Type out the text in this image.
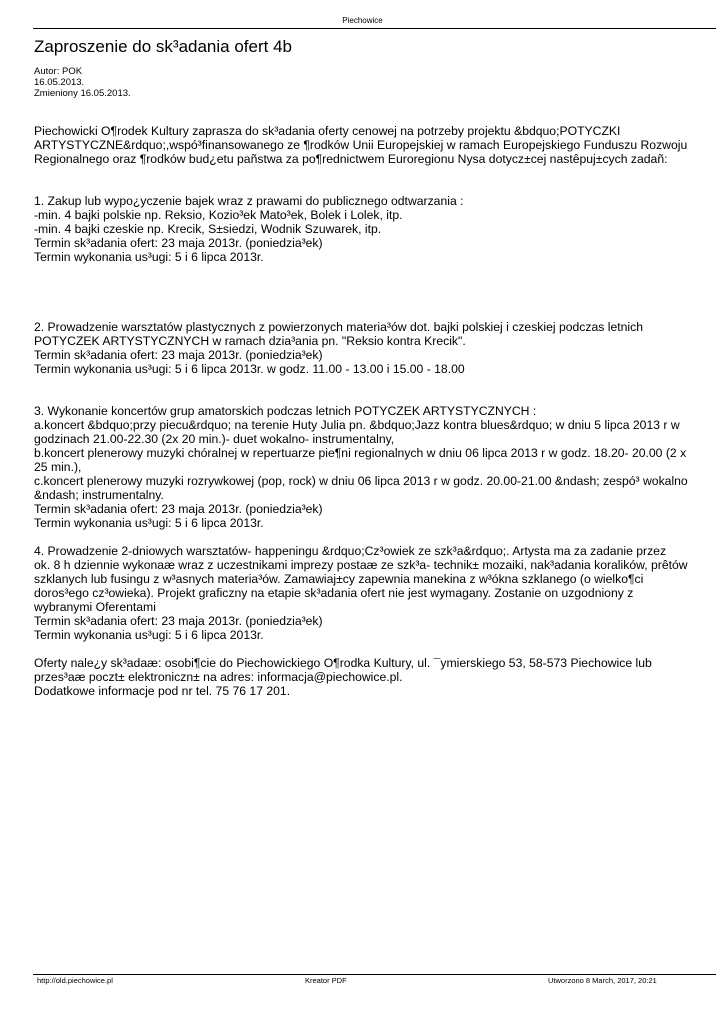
Piechowice
Zaproszenie do sk³adania ofert 4b
Autor: POK
16.05.2013.
Zmieniony 16.05.2013.
Piechowicki O¶rodek Kultury zaprasza do sk³adania oferty cenowej na potrzeby projektu &bdquo;POTYCZKI
ARTYSTYCZNE&rdquo;,wspó³finansowanego ze ¶rodków Unii Europejskiej w ramach Europejskiego Funduszu Rozwoju
Regionalnego oraz ¶rodków bud¿etu pañstwa za po¶rednictwem Euroregionu Nysa dotycz±cej nastêpuj±cych zadañ:
1. Zakup lub wypo¿yczenie bajek wraz z prawami do publicznego odtwarzania :
-min. 4 bajki polskie np. Reksio, Kozio³ek Mato³ek, Bolek i Lolek, itp.
-min. 4 bajki czeskie np. Krecik, S±siedzi, Wodnik Szuwarek, itp.
Termin sk³adania ofert: 23 maja 2013r. (poniedzia³ek)
Termin wykonania us³ugi: 5 i 6 lipca 2013r.
2. Prowadzenie warsztatów plastycznych z powierzonych materia³ów dot. bajki polskiej i czeskiej podczas letnich
POTYCZEK ARTYSTYCZNYCH w ramach dzia³ania pn. "Reksio kontra Krecik".
Termin sk³adania ofert: 23 maja 2013r. (poniedzia³ek)
Termin wykonania us³ugi: 5 i 6 lipca 2013r. w godz. 11.00 - 13.00 i 15.00 - 18.00
3. Wykonanie koncertów grup amatorskich podczas letnich POTYCZEK ARTYSTYCZNYCH :
a.koncert &bdquo;przy piecu&rdquo; na terenie Huty Julia pn. &bdquo;Jazz kontra blues&rdquo; w dniu 5 lipca 2013 r w
godzinach 21.00-22.30 (2x 20 min.)- duet wokalno- instrumentalny,
b.koncert plenerowy muzyki chóralnej w repertuarze pie¶ni regionalnych w dniu 06 lipca 2013 r w godz. 18.20- 20.00 (2 x
25 min.),
c.koncert plenerowy muzyki rozrywkowej (pop, rock) w dniu 06 lipca 2013 r w godz. 20.00-21.00 &ndash; zespó³ wokalno
&ndash; instrumentalny.
Termin sk³adania ofert: 23 maja 2013r. (poniedzia³ek)
Termin wykonania us³ugi: 5 i 6 lipca 2013r.
4. Prowadzenie 2-dniowych warsztatów- happeningu &rdquo;Cz³owiek ze szk³a&rdquo;. Artysta ma za zadanie przez
ok. 8 h dziennie wykonaæ wraz z uczestnikami imprezy postaæ ze szk³a- technik± mozaiki, nak³adania koralików, prêtów
szklanych lub fusingu z w³asnych materia³ów. Zamawiaj±cy zapewnia manekina z w³ókna szklanego (o wielko¶ci
doros³ego cz³owieka). Projekt graficzny na etapie sk³adania ofert nie jest wymagany. Zostanie on uzgodniony z
wybranymi Oferentami
Termin sk³adania ofert: 23 maja 2013r. (poniedzia³ek)
Termin wykonania us³ugi: 5 i 6 lipca 2013r.
Oferty nale¿y sk³adaæ: osobi¶cie do Piechowickiego O¶rodka Kultury, ul. ¯ymierskiego 53, 58-573 Piechowice lub
przes³aæ poczt± elektroniczn± na adres: informacja@piechowice.pl.
Dodatkowe informacje pod nr tel. 75 76 17 201.
http://old.piechowice.pl	Kreator PDF	Utworzono 8 March, 2017, 20:21
